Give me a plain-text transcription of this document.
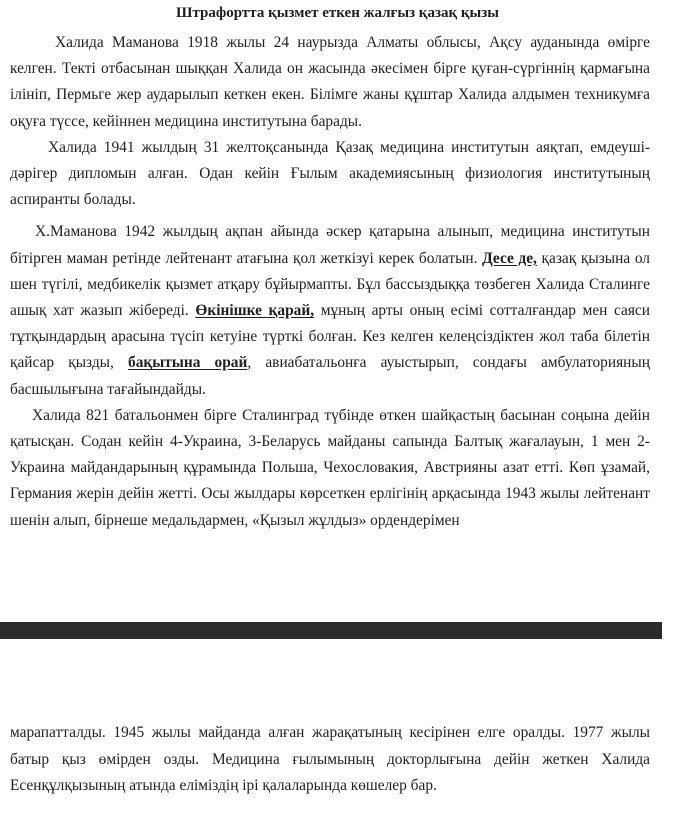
Штрафортта қызмет еткен жалғыз қазақ қызы

Халида Маманова 1918 жылы 24 наурызда Алматы облысы, Ақсу ауданында өмірге келген. Текті отбасынан шыққан Халида он жасында әкесімен бірге қуған-сүргіннің қармағына ілініп, Пермьге жер аударылып кеткен екен. Білімге жаны құштар Халида алдымен техникумға оқуға түссе, кейіннен медицина институтына барады.

Халида 1941 жылдың 31 желтоқсанында Қазақ медицина институтын аяқтап, емдеуші-дәрігер дипломын алған. Одан кейін Ғылым академиясының физиология институтының аспиранты болады.

Х.Маманова 1942 жылдың ақпан айында әскер қатарына алынып, медицина институтын бітірген маман ретінде лейтенант атағына қол жеткізуі керек болатын. Десе де, қазақ қызына ол шен түгілі, медбикелік қызмет атқару бұйырмапты. Бұл бассыздыққа төзбеген Халида Сталинге ашық хат жазып жібереді. Өкінішке қарай, мұның арты оның есімі сотталғандар мен саяси тұтқындардың арасына түсіп кетуіне түрткі болған. Кез келген келеңсіздіктен жол таба білетін қайсар қызды, бақытына орай, авиабатальонға ауыстырып, сондағы амбулаторияның басшылығына тағайындайды.

Халида 821 батальонмен бірге Сталинград түбінде өткен шайқастың басынан соңына дейін қатысқан. Содан кейін 4-Украина, 3-Беларусь майданы сапында Балтық жағалауын, 1 мен 2-Украина майдандарының құрамында Польша, Чехословакия, Австрияны азат етті. Көп ұзамай, Германия жерін дейін жетті. Осы жылдары көрсеткен ерлігінің арқасында 1943 жылы лейтенант шенін алып, бірнеше медальдармен, «Қызыл жұлдыз» ордендерімен

марапатталды. 1945 жылы майданда алған жарақатының кесірінен елге оралды. 1977 жылы батыр қыз өмірден озды. Медицина ғылымының докторлығына дейін жеткен Халида Есенқұлқызының атында еліміздің ірі қалаларында көшелер бар.
